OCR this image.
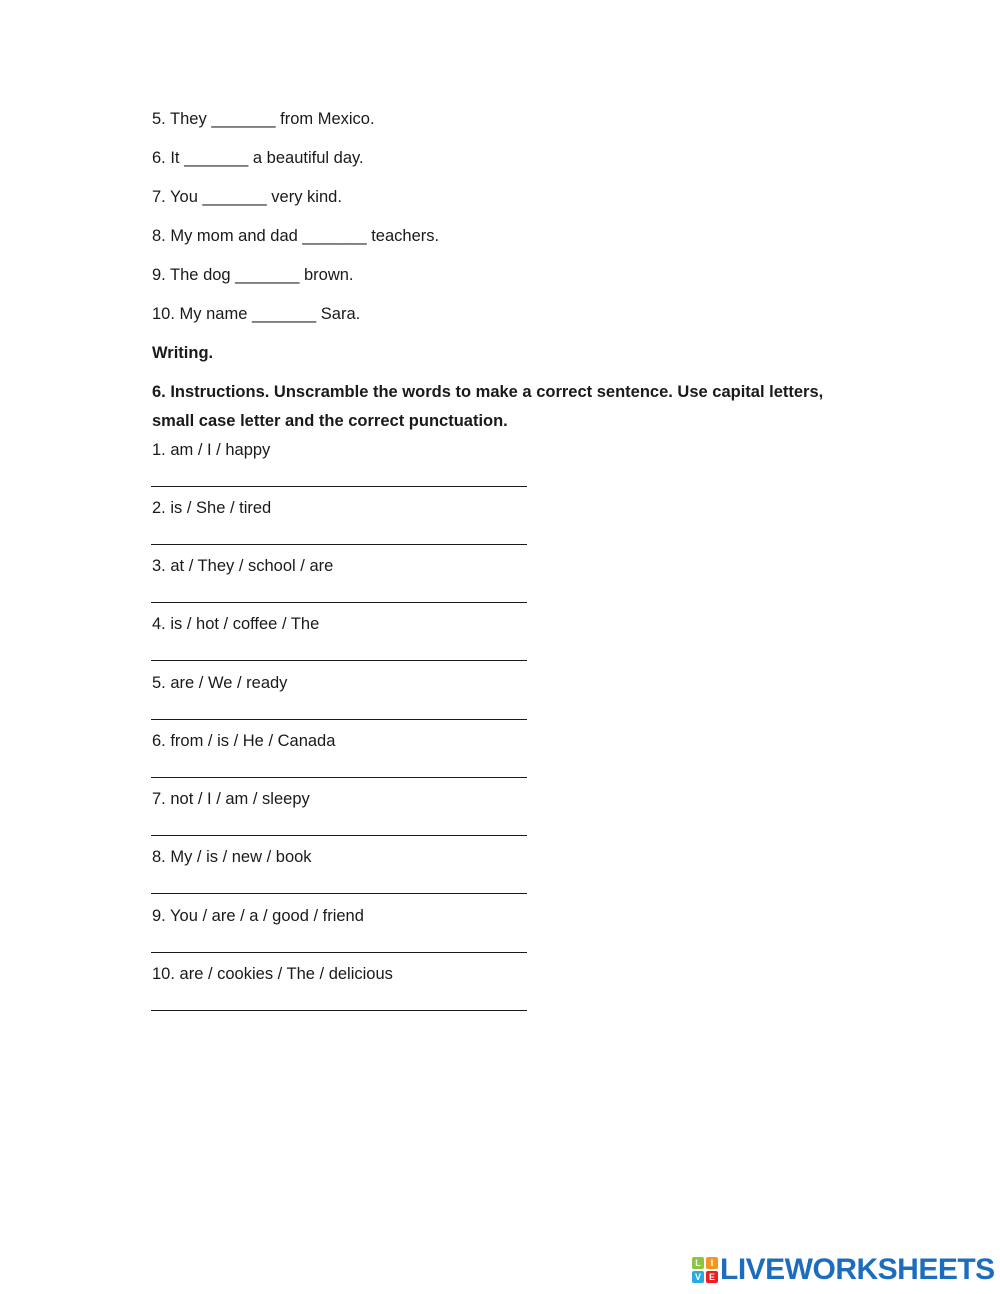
5. They _______ from Mexico.
6. It _______ a beautiful day.
7. You _______ very kind.
8. My mom and dad _______ teachers.
9. The dog _______ brown.
10. My name _______ Sara.
Writing.
6. Instructions. Unscramble the words to make a correct sentence. Use capital letters,
small case letter and the correct punctuation.
1. am / I / happy
2. is / She / tired
3. at / They / school / are
4. is / hot / coffee / The
5. are / We / ready
6. from / is / He / Canada
7. not / I / am / sleepy
8. My / is / new / book
9. You / are / a / good / friend
10. are / cookies / The / delicious
L	I
V E LIVEWORKSHEETS
